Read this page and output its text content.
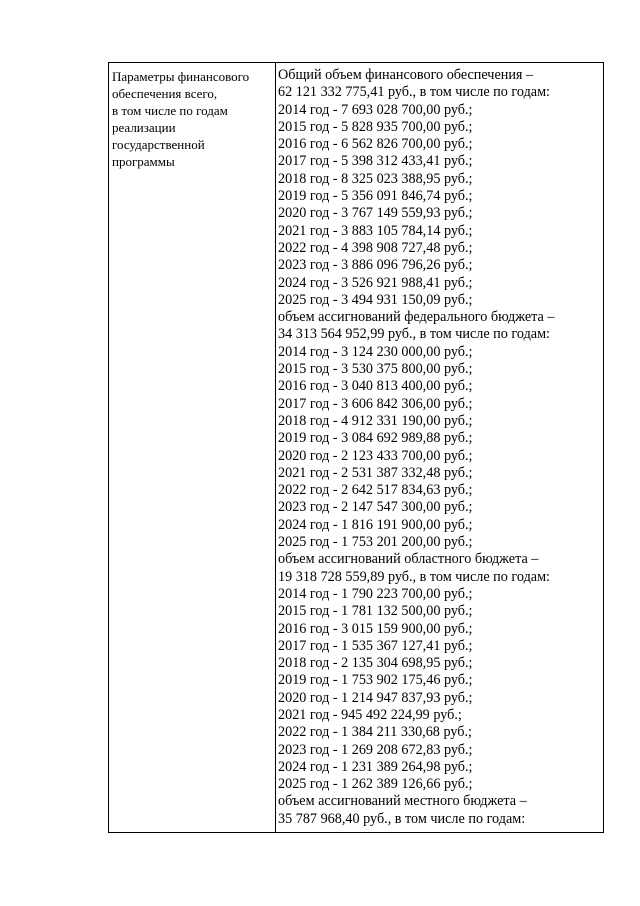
Параметры финансового
обеспечения всего,
в том числе по годам
реализации
государственной
программы
Общий объем финансового обеспечения –
62 121 332 775,41 руб., в том числе по годам:
2014 год - 7 693 028 700,00 руб.;
2015 год - 5 828 935 700,00 руб.;
2016 год - 6 562 826 700,00 руб.;
2017 год - 5 398 312 433,41 руб.;
2018 год - 8 325 023 388,95 руб.;
2019 год - 5 356 091 846,74 руб.;
2020 год - 3 767 149 559,93 руб.;
2021 год - 3 883 105 784,14 руб.;
2022 год - 4 398 908 727,48 руб.;
2023 год - 3 886 096 796,26 руб.;
2024 год - 3 526 921 988,41 руб.;
2025 год - 3 494 931 150,09 руб.;
объем ассигнований федерального бюджета –
34 313 564 952,99 руб., в том числе по годам:
2014 год - 3 124 230 000,00 руб.;
2015 год - 3 530 375 800,00 руб.;
2016 год - 3 040 813 400,00 руб.;
2017 год - 3 606 842 306,00 руб.;
2018 год - 4 912 331 190,00 руб.;
2019 год - 3 084 692 989,88 руб.;
2020 год - 2 123 433 700,00 руб.;
2021 год - 2 531 387 332,48 руб.;
2022 год - 2 642 517 834,63 руб.;
2023 год - 2 147 547 300,00 руб.;
2024 год - 1 816 191 900,00 руб.;
2025 год - 1 753 201 200,00 руб.;
объем ассигнований областного бюджета –
19 318 728 559,89 руб., в том числе по годам:
2014 год - 1 790 223 700,00 руб.;
2015 год - 1 781 132 500,00 руб.;
2016 год - 3 015 159 900,00 руб.;
2017 год - 1 535 367 127,41 руб.;
2018 год - 2 135 304 698,95 руб.;
2019 год - 1 753 902 175,46 руб.;
2020 год - 1 214 947 837,93 руб.;
2021 год - 945 492 224,99 руб.;
2022 год - 1 384 211 330,68 руб.;
2023 год - 1 269 208 672,83 руб.;
2024 год - 1 231 389 264,98 руб.;
2025 год - 1 262 389 126,66 руб.;
объем ассигнований местного бюджета –
35 787 968,40 руб., в том числе по годам:
